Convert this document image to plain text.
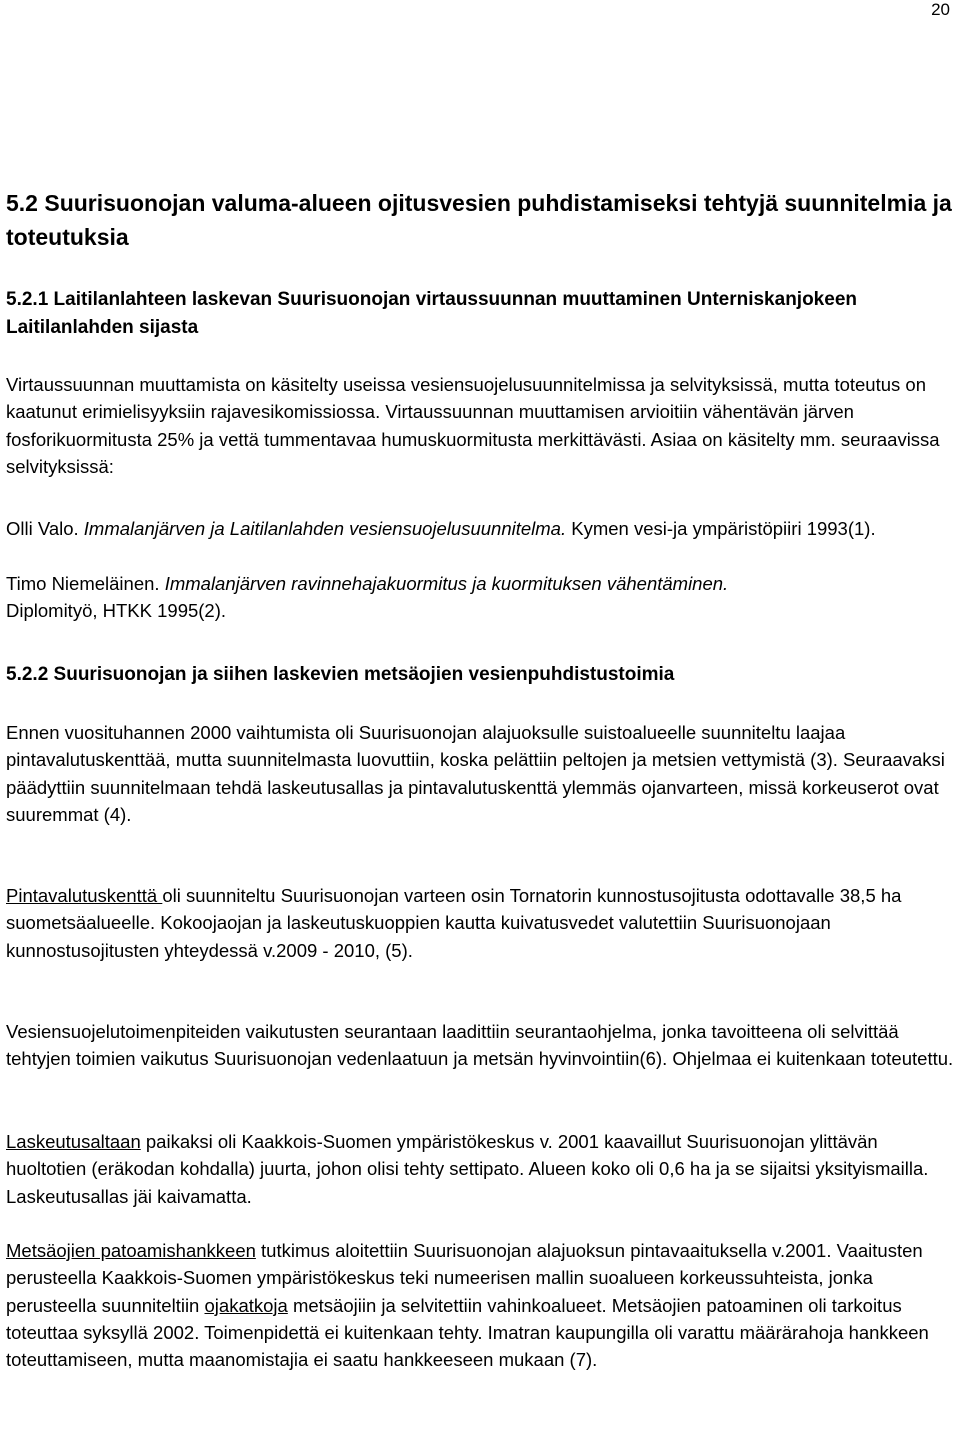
20
5.2 Suurisuonojan valuma-alueen ojitusvesien puhdistamiseksi tehtyjä suunnitelmia ja toteutuksia
5.2.1 Laitilanlahteen laskevan Suurisuonojan virtaussuunnan muuttaminen Unterniskanjokeen Laitilanlahden sijasta
Virtaussuunnan muuttamista on käsitelty useissa vesiensuojelusuunnitelmissa ja selvityksissä, mutta toteutus on kaatunut erimielisyyksiin rajavesikomissiossa. Virtaussuunnan muuttamisen arvioitiin vähentävän järven fosforikuormitusta 25% ja vettä tummentavaa humuskuormitusta merkittävästi. Asiaa on käsitelty mm. seuraavissa selvityksissä:
Olli Valo. Immalanjärven ja Laitilanlahden vesiensuojelusuunnitelma. Kymen vesi-ja ympäristöpiiri 1993(1).
Timo Niemeläinen. Immalanjärven ravinnehajakuormitus ja kuormituksen vähentäminen.
Diplomityö, HTKK 1995(2).
5.2.2 Suurisuonojan ja siihen laskevien metsäojien vesienpuhdistustoimia
Ennen vuosituhannen 2000 vaihtumista oli Suurisuonojan alajuoksulle suistoalueelle suunniteltu laajaa pintavalutuskenttää, mutta suunnitelmasta luovuttiin, koska pelättiin peltojen ja metsien vettymistä (3). Seuraavaksi päädyttiin suunnitelmaan tehdä laskeutusallas ja pintavalutuskenttä ylemmäs ojanvarteen, missä korkeuserot ovat suuremmat (4).
Pintavalutuskenttä oli suunniteltu Suurisuonojan varteen osin Tornatorin kunnostusojitusta odottavalle 38,5 ha suometsäalueelle. Kokoojaojan ja laskeutuskuoppien kautta kuivatusvedet valutettiin Suurisuonojaan kunnostusojitusten yhteydessä v.2009 - 2010, (5).
Vesiensuojelutoimenpiteiden vaikutusten seurantaan laadittiin seurantaohjelma, jonka tavoitteena oli selvittää tehtyjen toimien vaikutus Suurisuonojan vedenlaatuun ja metsän hyvinvointiin(6). Ohjelmaa ei kuitenkaan toteutettu.
Laskeutusaltaan paikaksi oli Kaakkois-Suomen ympäristökeskus v. 2001 kaavaillut Suurisuonojan ylittävän huoltotien (eräkodan kohdalla) juurta, johon olisi tehty settipato. Alueen koko oli 0,6 ha ja se sijaitsi yksityismailla. Laskeutusallas jäi kaivamatta.
Metsäojien patoamishankkeen tutkimus aloitettiin Suurisuonojan alajuoksun pintavaaituksella v.2001. Vaaitusten perusteella Kaakkois-Suomen ympäristökeskus teki numeerisen mallin suoalueen korkeussuhteista, jonka perusteella suunniteltiin ojakatkoja metsäojiin ja selvitettiin vahinkoalueet. Metsäojien patoaminen oli tarkoitus toteuttaa syksyllä 2002. Toimenpidettä ei kuitenkaan tehty. Imatran kaupungilla oli varattu määrärahoja hankkeen toteuttamiseen, mutta maanomistajia ei saatu hankkeeseen mukaan (7).
